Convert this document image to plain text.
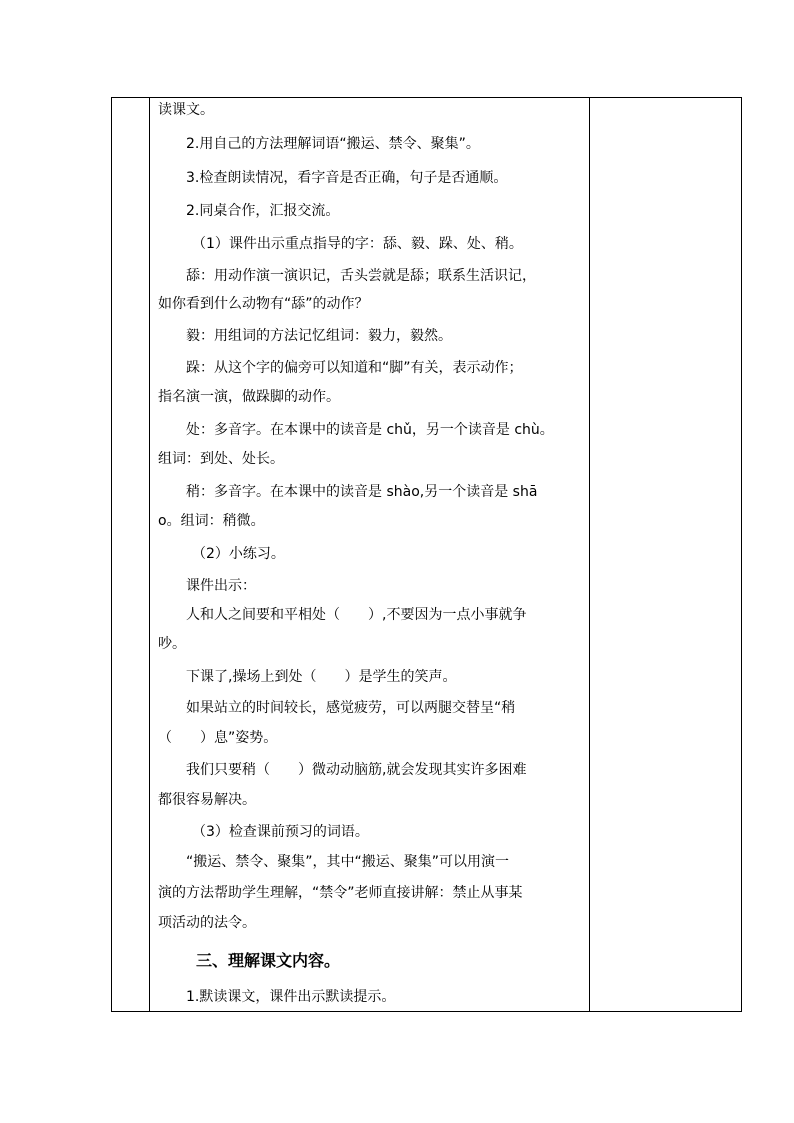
读课文。
2.用自己的方法理解词语“搬运、禁令、聚集”。
3.检查朗读情况，看字音是否正确，句子是否通顺。
2.同桌合作，汇报交流。
（1）课件出示重点指导的字：舔、毅、跺、处、稍。
舔：用动作演一演识记，舌头尝就是舔；联系生活识记，
如你看到什么动物有“舔”的动作？
毅：用组词的方法记忆组词：毅力，毅然。
跺：从这个字的偏旁可以知道和“脚”有关，表示动作；
指名演一演，做跺脚的动作。
处：多音字。在本课中的读音是 chǔ，另一个读音是 chù。
组词：到处、处长。
稍：多音字。在本课中的读音是 shào,另一个读音是 shā
o。组词：稍微。
（2）小练习。
课件出示：
人和人之间要和平相处（　　）,不要因为一点小事就争
吵。
下课了,操场上到处（　　）是学生的笑声。
如果站立的时间较长，感觉疲劳，可以两腿交替呈“稍
（　　）息”姿势。
我们只要稍（　　）微动动脑筋,就会发现其实许多困难
都很容易解决。
（3）检查课前预习的词语。
“搬运、禁令、聚集”，其中“搬运、聚集”可以用演一
演的方法帮助学生理解，“禁令”老师直接讲解：禁止从事某
项活动的法令。
三、理解课文内容。
1.默读课文，课件出示默读提示。
